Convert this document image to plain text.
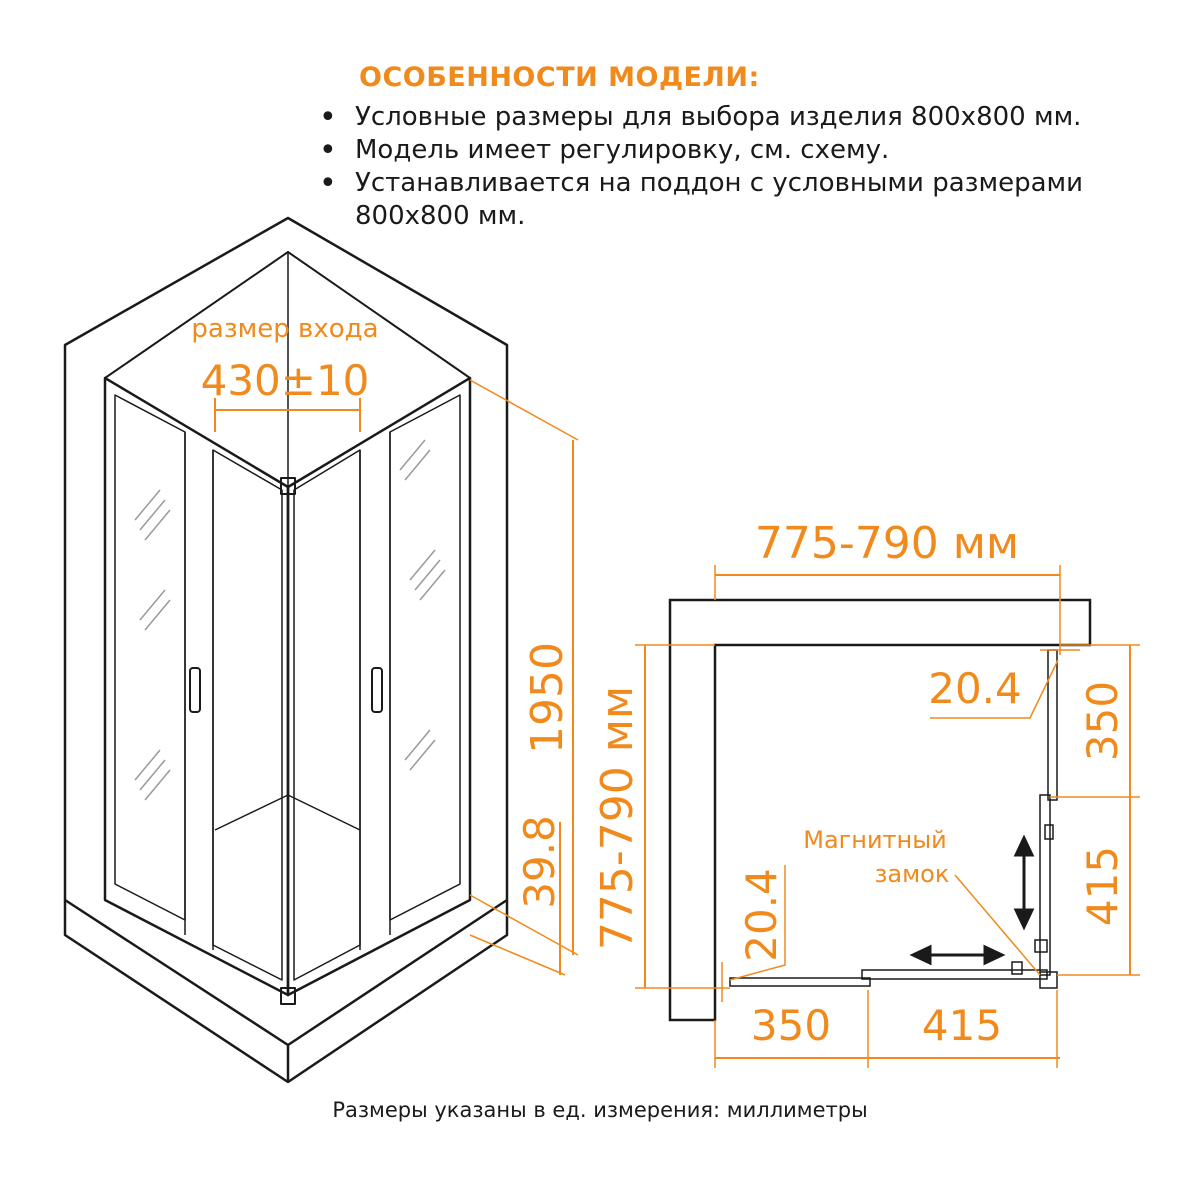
ОСОБЕННОСТИ МОДЕЛИ:
• Условные размеры для выбора изделия 800х800 мм.
• Модель имеет регулировку, см. схему.
• Устанавливается на поддон с условными размерами 800х800 мм.
размер входа
430±10
1950
39.8	Магнитный
замок
775-790 мм
775-790 мм	20.4
20.4
350
415
350 415
Размеры указаны в ед. измерения: миллиметры
